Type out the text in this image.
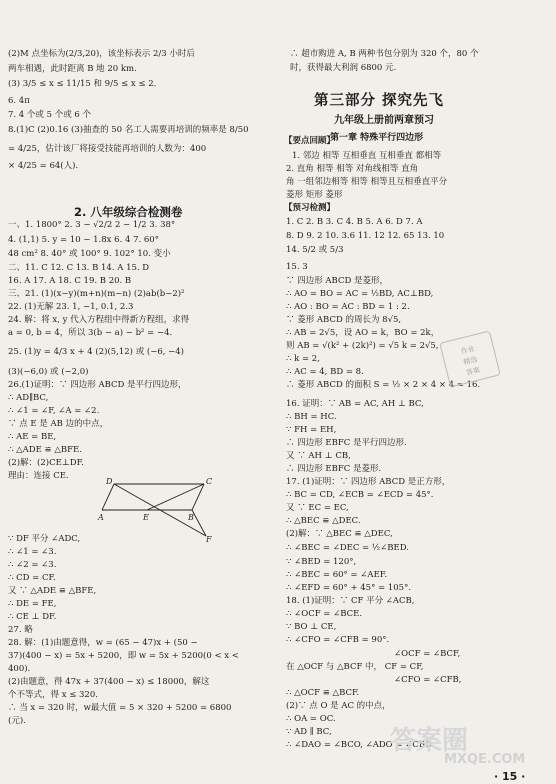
(2)M 点坐标为(2/3,20)，该坐标表示 2/3 小时后
两车相遇，此时距离 B 地 20 km.
(3) 3/5 ≤ x ≤ 11/15 和 9/5 ≤ x ≤ 2.
6. 4π
7. 4 个或 5 个或 6 个
8.(1)C (2)0.16 (3)抽查的 50 名工人需要再培训的频率是 8/50
= 4/25，估计该厂将接受技能再培训的人数为：400
× 4/25 = 64(人).
一、1. 1800° 2. 3 − √2/2 2 − 1/2 3. 38°
4. (1,1) 5. y = 10 − 1.8x 6. 4 7. 60°
48 cm² 8. 40° 或 100° 9. 102° 10. 变小
二、11. C 12. C 13. B 14. A 15. D
16. A 17. A 18. C 19. B 20. B
三、21. (1)(x−y)(m+n)(m−n) (2)ab(b−2)²
22. (1)无解 23. 1, −1, 0.1, 2.3
24. 解：将 x, y 代入方程组中得新方程组，求得
a = 0, b = 4，所以 3(b − a) − b² = −4.
25. (1)y = 4/3 x + 4 (2)(5,12) 或 (−6, −4)
(3)(−6,0) 或 (−2,0)
26.(1)证明：∵ 四边形 ABCD 是平行四边形，
∴ AD∥BC,
∴ ∠1 = ∠F, ∠A = ∠2.
∵ 点 E 是 AB 边的中点，
∴ AE = BE,
∴ △ADE ≌ △BFE.
(2)解：(2)CE⊥DF.
理由：连接 CE.
∵ DF 平分 ∠ADC,
∴ ∠1 = ∠3.
∴ ∠2 = ∠3.
∴ CD = CF.
又 ∵ △ADE ≌ △BFE,
∴ DE = FE,
∴ CE ⊥ DF.
27. 略
28. 解：(1)由题意得，w = (65 − 47)x + (50 −
37)(400 − x) = 5x + 5200，即 w = 5x + 5200(0 < x <
400).
(2)由题意，得 47x + 37(400 − x) ≤ 18000，解这
个不等式，得 x ≤ 320.
∴ 当 x = 320 时，w最大值 = 5 × 320 + 5200 = 6800
(元).
∴ 超市购进 A, B 两种书包分别为 320 个，80 个
时，获得最大利润 6800 元.
【要点回顾】
1. 邻边 相等 互相垂直 互相垂直 都相等
2. 直角 相等 相等 对角线相等 直角
角 一组邻边相等 相等 相等且互相垂直平分
菱形 矩形 菱形
【预习检测】
1. C 2. B 3. C 4. B 5. A 6. D 7. A
8. D 9. 2 10. 3.6 11. 12 12. 65 13. 10
14. 5/2 或 5/3
15. 3
∵ 四边形 ABCD 是菱形，
∴ AO = BO = AC = ½BD, AC⊥BD,
∴ AO : BO = AC : BD = 1 : 2.
∵ 菱形 ABCD 的周长为 8√5,
∴ AB = 2√5，设 AO = k，BO = 2k，
则 AB = √(k² + (2k)²) = √5 k = 2√5,
∴ k = 2,
∴ AC = 4, BD = 8.
∴ 菱形 ABCD 的面积 S = ½ × 2 × 4 × 4 = 16.
16. 证明：∵ AB = AC, AH ⊥ BC,
∴ BH = HC.
∵ FH = EH,
∴ 四边形 EBFC 是平行四边形.
又 ∵ AH ⊥ CB,
∴ 四边形 EBFC 是菱形.
17. (1)证明：∵ 四边形 ABCD 是正方形，
∴ BC = CD, ∠ECB = ∠ECD = 45°.
又 ∵ EC = EC,
∴ △BEC ≌ △DEC.
(2)解：∵ △BEC ≌ △DEC,
∴ ∠BEC = ∠DEC = ½∠BED.
∵ ∠BED = 120°,
∴ ∠BEC = 60° = ∠AEF.
∴ ∠EFD = 60° + 45° = 105°.
18. (1)证明：∵ CF 平分 ∠ACB,
∴ ∠OCF = ∠BCE.
∵ BO ⊥ CE,
∴ ∠CFO = ∠CFB = 90°.
∠OCF = ∠BCF,
在 △OCF 与 △BCF 中， CF = CF,
∠CFO = ∠CFB,
∴ △OCF ≌ △BCF.
(2)∵ 点 O 是 AC 的中点，
∴ OA = OC.
∵ AD ∥ BC,
∴ ∠DAO = ∠BCO, ∠ADO = ∠CBO.
2. 八年级综合检测卷
第三部分 探究先飞
九年级上册前两章预习
第一章 特殊平行四边形
D	C
A	E	B
F
作业
精选
答案
答案圈
MXQE.COM
· 15 ·
